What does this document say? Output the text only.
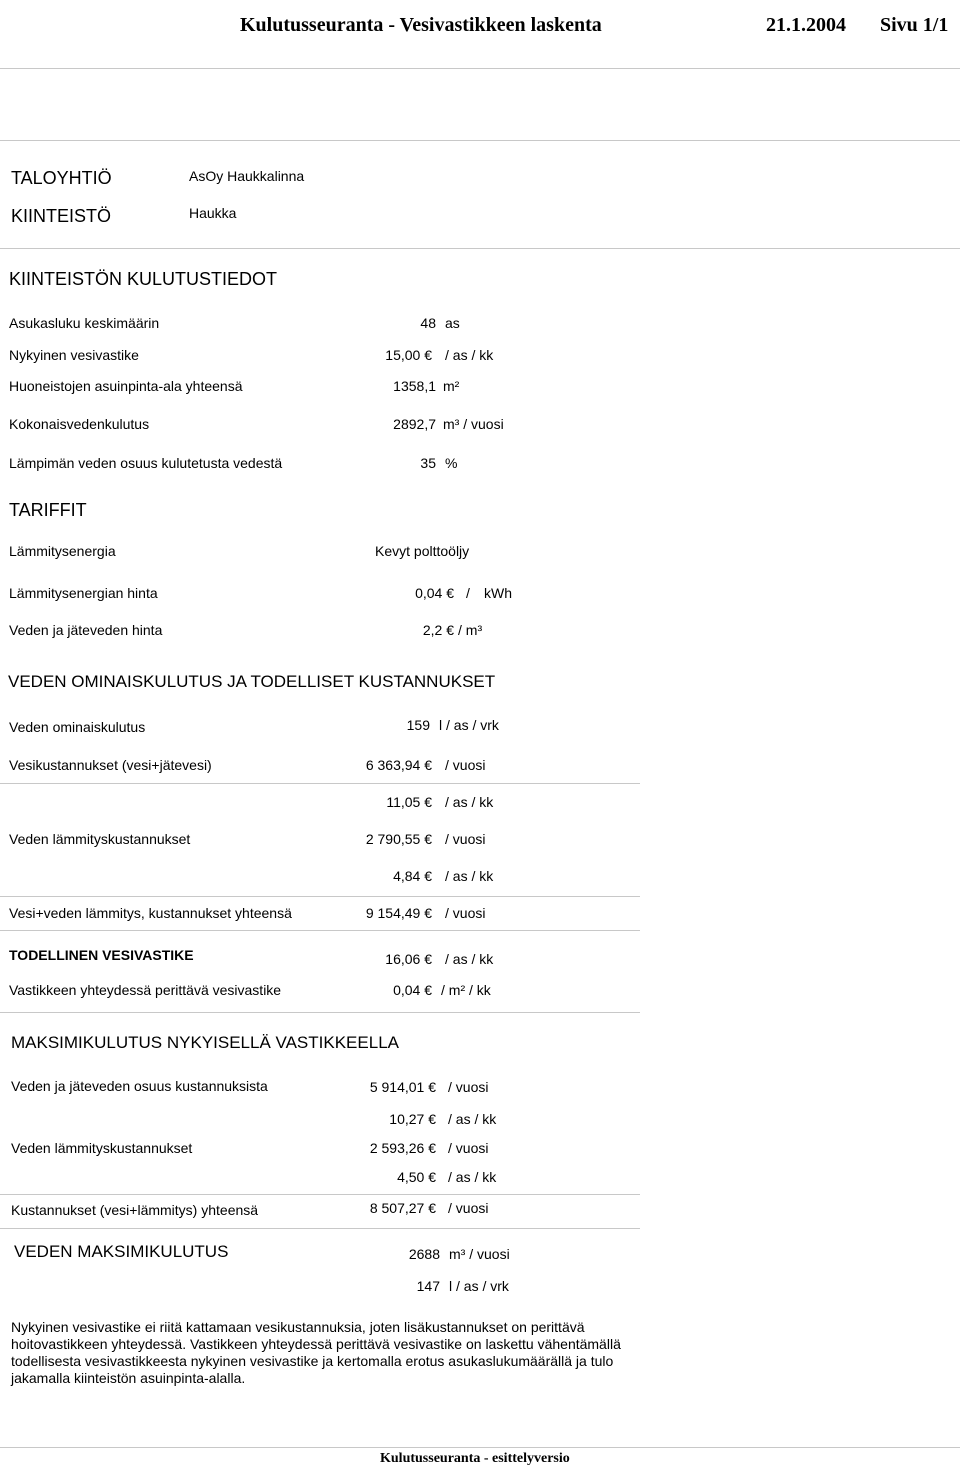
Kulutusseuranta - Vesivastikkeen laskenta	21.1.2004 Sivu 1/1
TALOYHTIÖ	AsOy Haukkalinna
KIINTEISTÖ	Haukka
KIINTEISTÖN KULUTUSTIEDOT
Asukasluku keskimäärin	48 as
Nykyinen vesivastike	15,00 € / as / kk
Huoneistojen asuinpinta-ala yhteensä	1358,1 m²
Kokonaisvedenkulutus	2892,7 m³ / vuosi
Lämpimän veden osuus kulutetusta vedestä	35 %
TARIFFIT
Lämmitysenergia	Kevyt polttoöljy
Lämmitysenergian hinta	0,04 € / kWh
Veden ja jäteveden hinta	2,2 € / m³
VEDEN OMINAISKULUTUS JA TODELLISET KUSTANNUKSET
Veden ominaiskulutus	159 l / as / vrk
Vesikustannukset (vesi+jätevesi)	6 363,94 € / vuosi
11,05 € / as / kk
Veden lämmityskustannukset	2 790,55 € / vuosi
4,84 € / as / kk
Vesi+veden lämmitys, kustannukset yhteensä	9 154,49 € / vuosi
TODELLINEN VESIVASTIKE	16,06 € / as / kk
Vastikkeen yhteydessä perittävä vesivastike	0,04 € / m² / kk
MAKSIMIKULUTUS NYKYISELLÄ VASTIKKEELLA
Veden ja jäteveden osuus kustannuksista	5 914,01 € / vuosi
10,27 € / as / kk
Veden lämmityskustannukset	2 593,26 € / vuosi
4,50 € / as / kk
Kustannukset (vesi+lämmitys) yhteensä	8 507,27 € / vuosi
VEDEN MAKSIMIKULUTUS	2688 m³ / vuosi
147 l / as / vrk
Nykyinen vesivastike ei riitä kattamaan vesikustannuksia, joten lisäkustannukset on perittävä hoitovastikkeen yhteydessä. Vastikkeen yhteydessä perittävä vesivastike on laskettu vähentämällä todellisesta vesivastikkeesta nykyinen vesivastike ja kertomalla erotus asukaslukumäärällä ja tulo jakamalla kiinteistön asuinpinta-alalla.
Kulutusseuranta - esittelyversio
